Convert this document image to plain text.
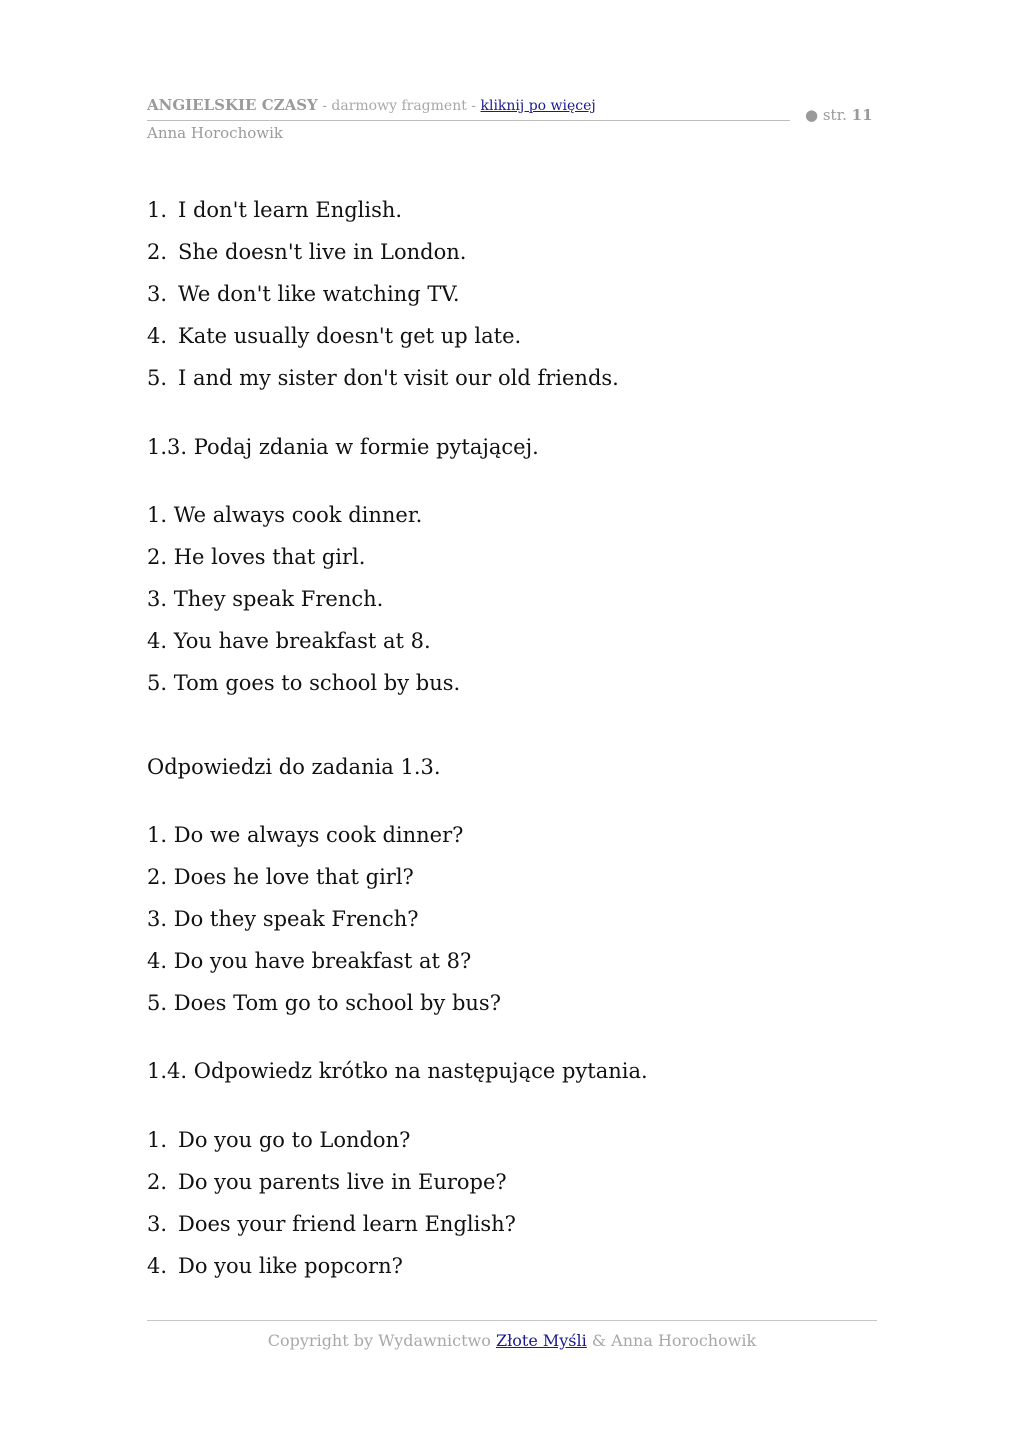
ANGIELSKIE CZASY - darmowy fragment - kliknij po więcej
Anna Horochowik
● str. 11
1. I don't learn English.
2. She doesn't live in London.
3. We don't like watching TV.
4. Kate usually doesn't get up late.
5. I and my sister don't visit our old friends.
1.3. Podaj zdania w formie pytającej.
1. We always cook dinner.
2. He loves that girl.
3. They speak French.
4. You have breakfast at 8.
5. Tom goes to school by bus.
Odpowiedzi do zadania 1.3.
1. Do we always cook dinner?
2. Does he love that girl?
3. Do they speak French?
4. Do you have breakfast at 8?
5. Does Tom go to school by bus?
1.4. Odpowiedz krótko na następujące pytania.
1. Do you go to London?
2. Do you parents live in Europe?
3. Does your friend learn English?
4. Do you like popcorn?
Copyright by Wydawnictwo Złote Myśli & Anna Horochowik
